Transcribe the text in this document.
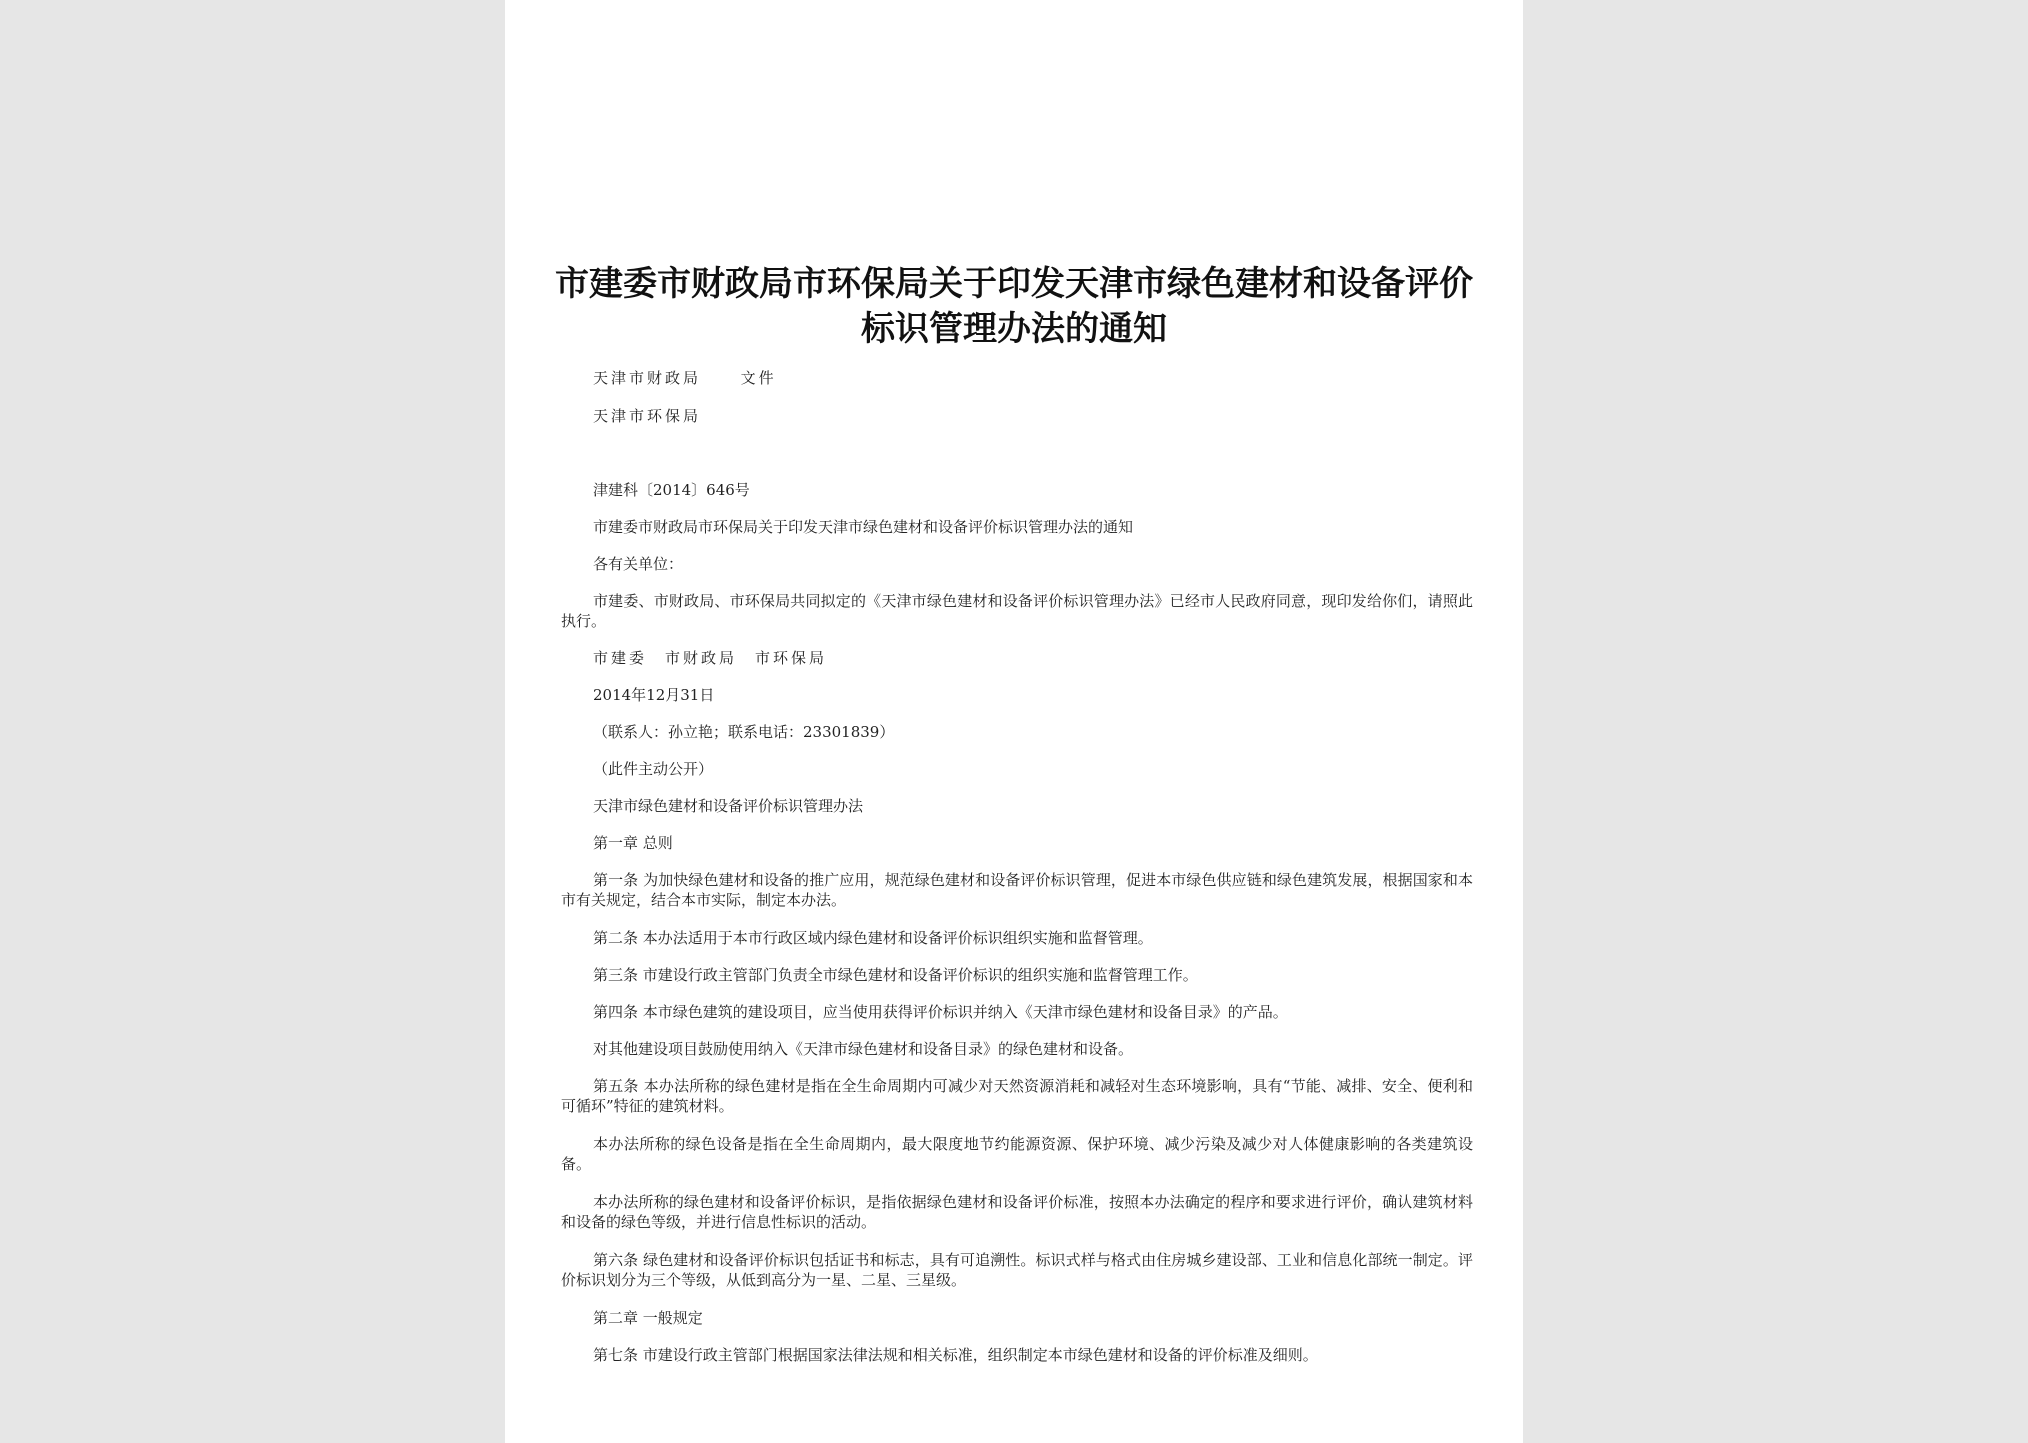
市建委市财政局市环保局关于印发天津市绿色建材和设备评价标识管理办法的通知
天津市财政局	文件
天津市环保局
津建科〔2014〕646号
市建委市财政局市环保局关于印发天津市绿色建材和设备评价标识管理办法的通知
各有关单位：

市建委、市财政局、市环保局共同拟定的《天津市绿色建材和设备评价标识管理办法》已经市人民政府同意，现印发给你们，请照此执行。

市建委　市财政局　市环保局
2014年12月31日
（联系人：孙立艳；联系电话：23301839）
（此件主动公开）
天津市绿色建材和设备评价标识管理办法
第一章 总则

第一条 为加快绿色建材和设备的推广应用，规范绿色建材和设备评价标识管理，促进本市绿色供应链和绿色建筑发展，根据国家和本市有关规定，结合本市实际，制定本办法。

第二条 本办法适用于本市行政区域内绿色建材和设备评价标识组织实施和监督管理。
第三条 市建设行政主管部门负责全市绿色建材和设备评价标识的组织实施和监督管理工作。
第四条 本市绿色建筑的建设项目，应当使用获得评价标识并纳入《天津市绿色建材和设备目录》的产品。
对其他建设项目鼓励使用纳入《天津市绿色建材和设备目录》的绿色建材和设备。

第五条 本办法所称的绿色建材是指在全生命周期内可减少对天然资源消耗和减轻对生态环境影响，具有“节能、减排、安全、便利和可循环”特征的建筑材料。

本办法所称的绿色设备是指在全生命周期内，最大限度地节约能源资源、保护环境、减少污染及减少对人体健康影响的各类建筑设备。

本办法所称的绿色建材和设备评价标识，是指依据绿色建材和设备评价标准，按照本办法确定的程序和要求进行评价，确认建筑材料和设备的绿色等级，并进行信息性标识的活动。

第六条 绿色建材和设备评价标识包括证书和标志，具有可追溯性。标识式样与格式由住房城乡建设部、工业和信息化部统一制定。评价标识划分为三个等级，从低到高分为一星、二星、三星级。

第二章 一般规定
第七条 市建设行政主管部门根据国家法律法规和相关标准，组织制定本市绿色建材和设备的评价标准及细则。
